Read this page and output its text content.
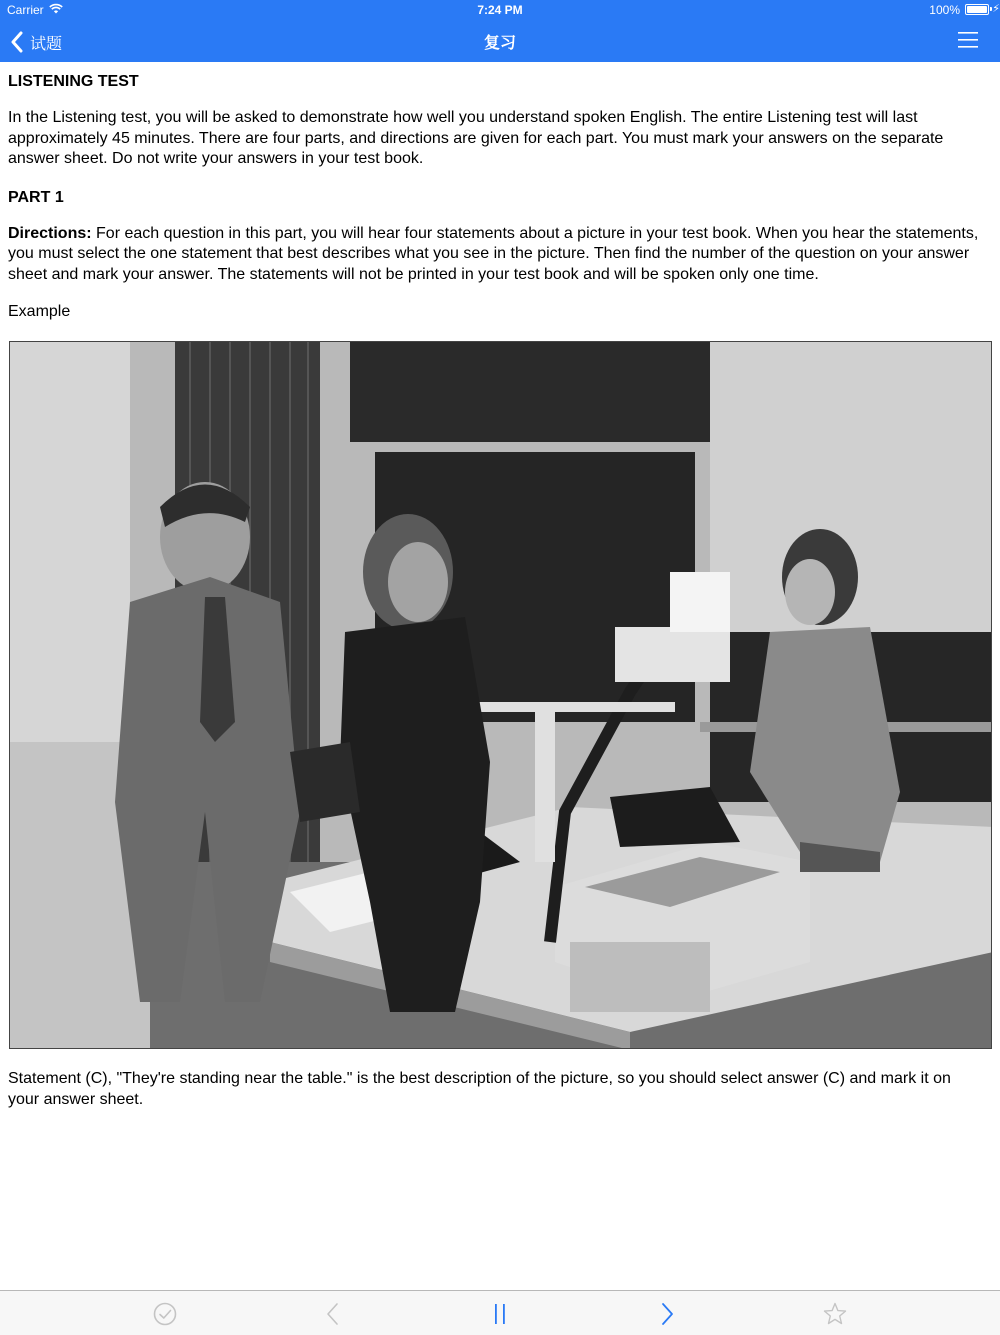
Carrier	7:24 PM	100%	⚡
试题	复习
LISTENING TEST

In the Listening test, you will be asked to demonstrate how well you understand spoken English. The entire Listening test will last approximately 45 minutes. There are four parts, and directions are given for each part. You must mark your answers on the separate answer sheet. Do not write your answers in your test book.

PART 1

Directions: For each question in this part, you will hear four statements about a picture in your test book. When you hear the statements, you must select the one statement that best describes what you see in the picture. Then find the number of the question on your answer sheet and mark your answer. The statements will not be printed in your test book and will be spoken only one time.

Example

Statement (C), "They're standing near the table." is the best description of the picture, so you should select answer (C) and mark it on your answer sheet.
